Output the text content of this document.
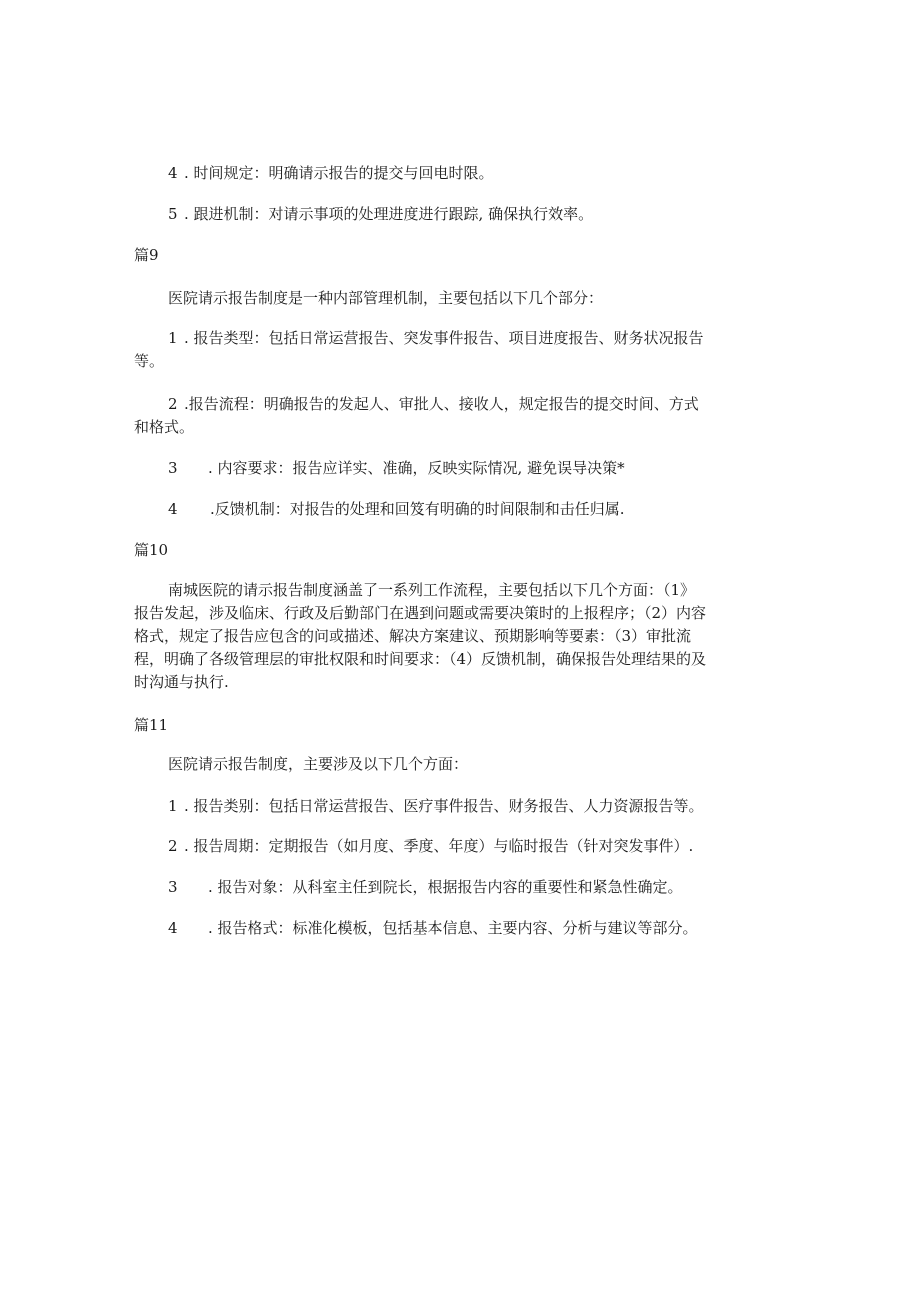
4 . 时间规定：明确请示报告的提交与回电时限。
5 . 跟进机制：对请示事项的处理进度进行跟踪, 确保执行效率。
篇9
医院请示报告制度是一种内部管理机制，主要包括以下几个部分：
1 . 报告类型：包括日常运营报告、突发事件报告、项目进度报告、财务状况报告
等。
2 .报告流程：明确报告的发起人、审批人、接收人，规定报告的提交时间、方式
和格式。
3 . 内容要求：报告应详实、准确，反映实际情况, 避免误导决策*
4 .反馈机制：对报告的处理和回笈有明确的时间限制和击任归属.
篇10
南城医院的请示报告制度涵盖了一系列工作流程，主要包括以下几个方面：（1》
报告发起，涉及临床、行政及后勤部门在遇到问题或需要决策时的上报程序；（2）内容
格式，规定了报告应包含的问或描述、解决方案建议、预期影响等要素：（3）审批流
程，明确了各级管理层的审批权限和时间要求：（4）反馈机制，确保报告处理结果的及
时沟通与执行.
篇11
医院请示报告制度，主要涉及以下几个方面：
1 . 报告类别：包括日常运营报告、医疗事件报告、财务报告、人力资源报告等。
2 . 报告周期：定期报告（如月度、季度、年度）与临时报告（针对突发事件）.
3 . 报告对象：从科室主任到院长，根据报告内容的重要性和紧急性确定。
4 . 报告格式：标准化模板，包括基本信息、主要内容、分析与建议等部分。
